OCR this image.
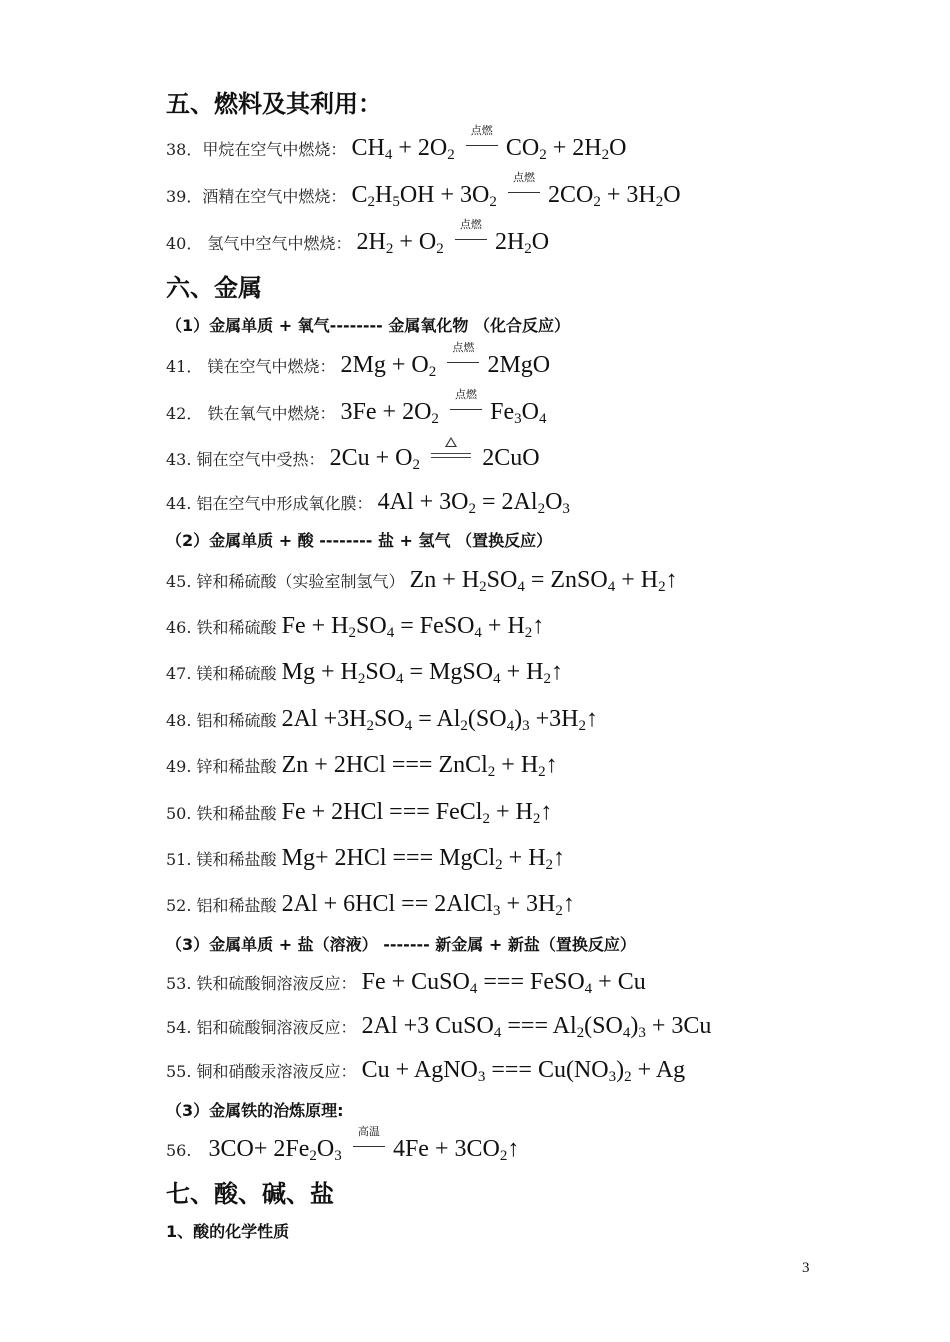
五、燃料及其利用：
38．甲烷在空气中燃烧： $CH_4 + 2O_2$
点燃
$CO_2 + 2H_2O$
39．酒精在空气中燃烧： $C_2H_5OH + 3O_2$
点燃
$2CO_2 + 3H_2O$
40． 氢气中空气中燃烧： $2H_2 + O_2$
点燃
$2H_2O$
六、金属
（1）金属单质 + 氧气-------- 金属氧化物 （化合反应）
41． 镁在空气中燃烧： $2Mg + O_2$
点燃
2MgO
42． 铁在氧气中燃烧： $3Fe + 2O_2$
点燃
$Fe_3O_4$
43. 铜在空气中受热： $2Cu + O_2$	2CuO
44. 铝在空气中形成氧化膜： $4Al + 3O_2 = 2Al_2O_3$
（2）金属单质 + 酸 -------- 盐 + 氢气 （置换反应）
45. 锌和稀硫酸（实验室制氢气） $Zn + H_2SO_4$ = ZnSO$_4$ + $H_2↑$
46. 铁和稀硫酸 $Fe + H_2SO_4$ = FeSO$_4$ + $H_2↑$
47. 镁和稀硫酸 $Mg + H_2SO_4$ = MgSO$_4$ + $H_2↑$
48. 铝和稀硫酸 $2Al +3H_2SO_4 = Al_2(SO_4)_3$ $+3H_2↑$
49. 锌和稀盐酸 Zn + 2HCl === ZnCl$_2$ + $H_2↑$
50. 铁和稀盐酸 Fe + 2HCl === FeCl$_2$ + $H_2↑$
51. 镁和稀盐酸 Mg+ 2HCl === MgCl$_2$ + $H_2↑$
52. 铝和稀盐酸 2Al + 6HCl == 2AlCl$_3$ + $3H_2↑$
（3）金属单质 + 盐（溶液） ------- 新金属 + 新盐（置换反应）
53. 铁和硫酸铜溶液反应： Fe + CuSO$_4$ === FeSO$_4$ + Cu
54. 铝和硫酸铜溶液反应： 2Al +3 CuSO$_4$ === $Al_2(SO_4)_3 + 3Cu$
55. 铜和硝酸汞溶液反应： Cu + AgNO$_3$ === $Cu(NO_3)_2 + Ag$
（3）金属铁的治炼原理:
56. $3CO+ 2Fe_2O_3$
高温
$4Fe + 3CO_2↑$
七、酸、碱、盐
1、酸的化学性质
3
